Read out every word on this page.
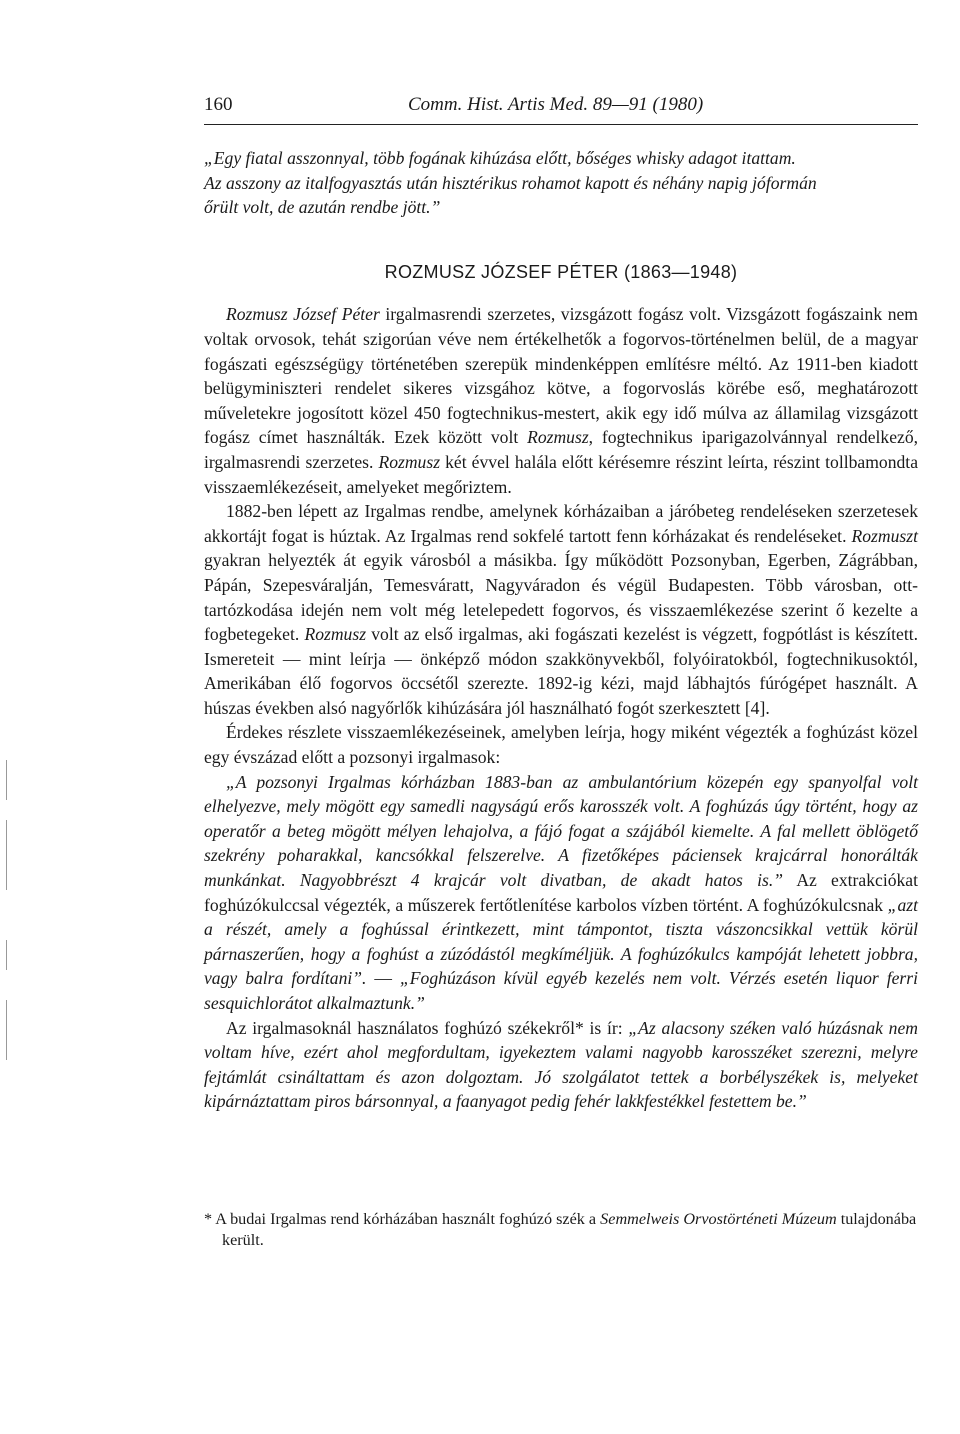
160	Comm. Hist. Artis Med. 89—91 (1980)

„Egy fiatal asszonnyal, több fogának kihúzása előtt, bőséges whisky adagot itattam.
Az asszony az italfogyasztás után hisztérikus rohamot kapott és néhány napig jóformán
őrült volt, de azután rendbe jött.”

ROZMUSZ JÓZSEF PÉTER (1863—1948)

Rozmusz József Péter irgalmasrendi szerzetes, vizsgázott fogász volt. Vizsgázott fogászaink nem voltak orvosok, tehát szigorúan véve nem értékelhetők a fogorvos-történelmen belül, de a magyar fogászati egészségügy történetében szerepük mindenképpen említésre méltó. Az 1911-ben kiadott belügyminiszteri rendelet sikeres vizsgához kötve, a fogorvoslás körébe eső, meghatározott műveletekre jogosított közel 450 fogtechnikus-mestert, akik egy idő múlva az államilag vizsgázott fogász címet használták. Ezek között volt Rozmusz, fogtechnikus iparigazolvánnyal rendelkező, irgalmasrendi szerzetes. Rozmusz két évvel halála előtt kérésemre részint leírta, részint tollbamondta visszaemlékezéseit, amelyeket megőriztem.

1882-ben lépett az Irgalmas rendbe, amelynek kórházaiban a járóbeteg rendeléseken szerzetesek akkortájt fogat is húztak. Az Irgalmas rend sokfelé tartott fenn kórházakat és rendeléseket. Rozmuszt gyakran helyezték át egyik városból a másikba. Így működött Pozsonyban, Egerben, Zágrábban, Pápán, Szepesváralján, Temesváratt, Nagyváradon és végül Budapesten. Több városban, ott-tartózkodása idején nem volt még letelepedett fogorvos, és visszaemlékezése szerint ő kezelte a fogbetegeket. Rozmusz volt az első irgalmas, aki fogászati kezelést is végzett, fogpótlást is készített. Ismereteit — mint leírja — önképző módon szakkönyvekből, folyóiratokból, fogtechnikusoktól, Amerikában élő fogorvos öccsétől szerezte. 1892-ig kézi, majd lábhajtós fúrógépet használt. A húszas években alsó nagyőrlők kihúzására jól használható fogót szerkesztett [4].

Érdekes részlete visszaemlékezéseinek, amelyben leírja, hogy miként végezték a foghúzást közel egy évszázad előtt a pozsonyi irgalmasok:

„A pozsonyi Irgalmas kórházban 1883-ban az ambulantórium közepén egy spanyolfal volt elhelyezve, mely mögött egy samedli nagyságú erős karosszék volt. A foghúzás úgy történt, hogy az operatőr a beteg mögött mélyen lehajolva, a fájó fogat a szájából kiemelte. A fal mellett öblögető szekrény poharakkal, kancsókkal felszerelve. A fizetőképes páciensek krajcárral honorálták munkánkat. Nagyobbrészt 4 krajcár volt divatban, de akadt hatos is.” Az extrakciókat foghúzókulccsal végezték, a műszerek fertőtlenítése karbolos vízben történt. A foghúzókulcsnak „azt a részét, amely a foghússal érintkezett, mint támpontot, tiszta vászoncsikkal vettük körül párnaszerűen, hogy a foghúst a zúzódástól megkíméljük. A foghúzókulcs kampóját lehetett jobbra, vagy balra fordítani”. — „Foghúzáson kívül egyéb kezelés nem volt. Vérzés esetén liquor ferri sesquichlorátot alkalmaztunk.”

Az irgalmasoknál használatos foghúzó székekről* is ír: „Az alacsony széken való húzásnak nem voltam híve, ezért ahol megfordultam, igyekeztem valami nagyobb karosszéket szerezni, melyre fejtámlát csináltattam és azon dolgoztam. Jó szolgálatot tettek a borbélyszékek is, melyeket kipárnáztattam piros bársonnyal, a faanyagot pedig fehér lakkfestékkel festettem be.”

* A budai Irgalmas rend kórházában használt foghúzó szék a Semmelweis Orvostörténeti Múzeum tulajdonába került.
